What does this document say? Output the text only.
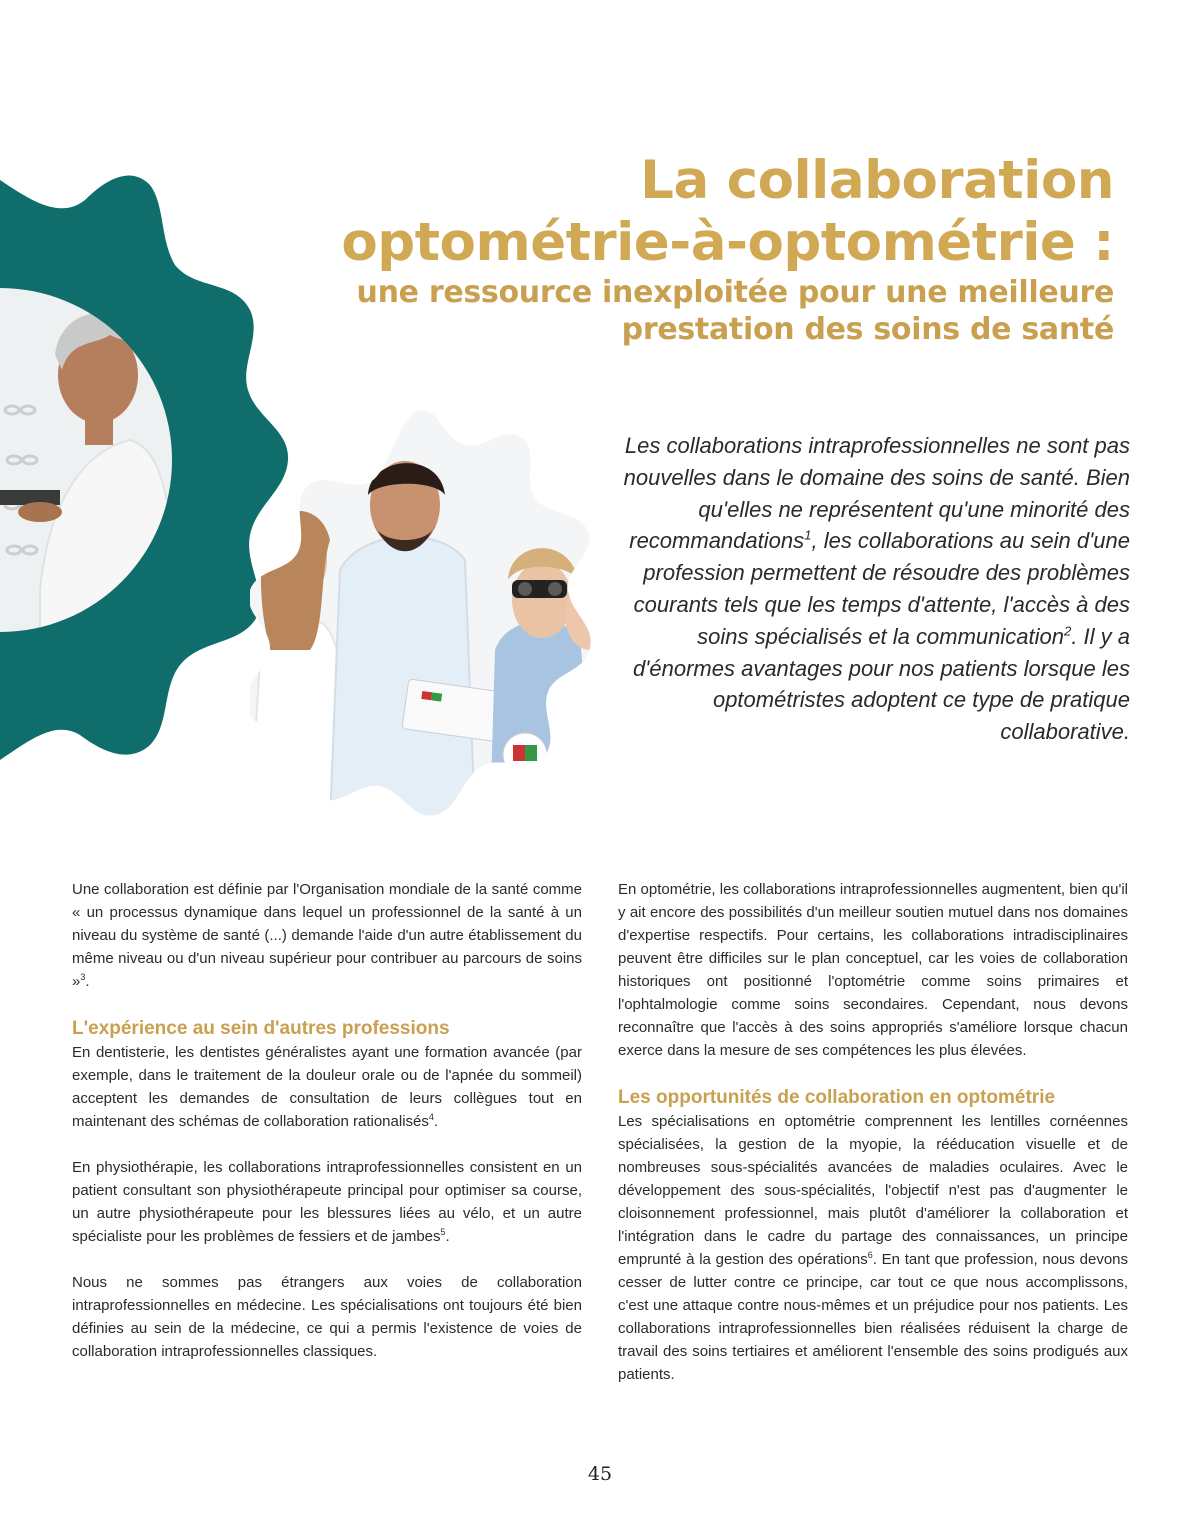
La collaboration
optométrie-à-optométrie :
une ressource inexploitée pour une meilleure
prestation des soins de santé

Les collaborations intraprofessionnelles ne sont pas nouvelles dans le domaine des soins de santé. Bien qu'elles ne représentent qu'une minorité des recommandations$^1$, les collaborations au sein d'une profession permettent de résoudre des problèmes courants tels que les temps d'attente, l'accès à des soins spécialisés et la communication$^2$. Il y a d'énormes avantages pour nos patients lorsque les optométristes adoptent ce type de pratique collaborative.

Une collaboration est définie par l'Organisation mondiale de la santé comme « un processus dynamique dans lequel un professionnel de la santé à un niveau du système de santé (...) demande l'aide d'un autre établissement du même niveau ou d'un niveau supérieur pour contribuer au parcours de soins »$^3$.

L'expérience au sein d'autres professions

En dentisterie, les dentistes généralistes ayant une formation avancée (par exemple, dans le traitement de la douleur orale ou de l'apnée du sommeil) acceptent les demandes de consultation de leurs collègues tout en maintenant des schémas de collaboration rationalisés$^4$.

En physiothérapie, les collaborations intraprofessionnelles consistent en un patient consultant son physiothérapeute principal pour optimiser sa course, un autre physiothérapeute pour les blessures liées au vélo, et un autre spécialiste pour les problèmes de fessiers et de jambes$^5$.

Nous ne sommes pas étrangers aux voies de collaboration intraprofessionnelles en médecine. Les spécialisations ont toujours été bien définies au sein de la médecine, ce qui a permis l'existence de voies de collaboration intraprofessionnelles classiques.

En optométrie, les collaborations intraprofessionnelles augmentent, bien qu'il y ait encore des possibilités d'un meilleur soutien mutuel dans nos domaines d'expertise respectifs. Pour certains, les collaborations intradisciplinaires peuvent être difficiles sur le plan conceptuel, car les voies de collaboration historiques ont positionné l'optométrie comme soins primaires et l'ophtalmologie comme soins secondaires. Cependant, nous devons reconnaître que l'accès à des soins appropriés s'améliore lorsque chacun exerce dans la mesure de ses compétences les plus élevées.

Les opportunités de collaboration en optométrie

Les spécialisations en optométrie comprennent les lentilles cornéennes spécialisées, la gestion de la myopie, la rééducation visuelle et de nombreuses sous-spécialités avancées de maladies oculaires. Avec le développement des sous-spécialités, l'objectif n'est pas d'augmenter le cloisonnement professionnel, mais plutôt d'améliorer la collaboration et l'intégration dans le cadre du partage des connaissances, un principe emprunté à la gestion des opérations$^6$. En tant que profession, nous devons cesser de lutter contre ce principe, car tout ce que nous accomplissons, c'est une attaque contre nous-mêmes et un préjudice pour nos patients. Les collaborations intraprofessionnelles bien réalisées réduisent la charge de travail des soins tertiaires et améliorent l'ensemble des soins prodigués aux patients.

45
